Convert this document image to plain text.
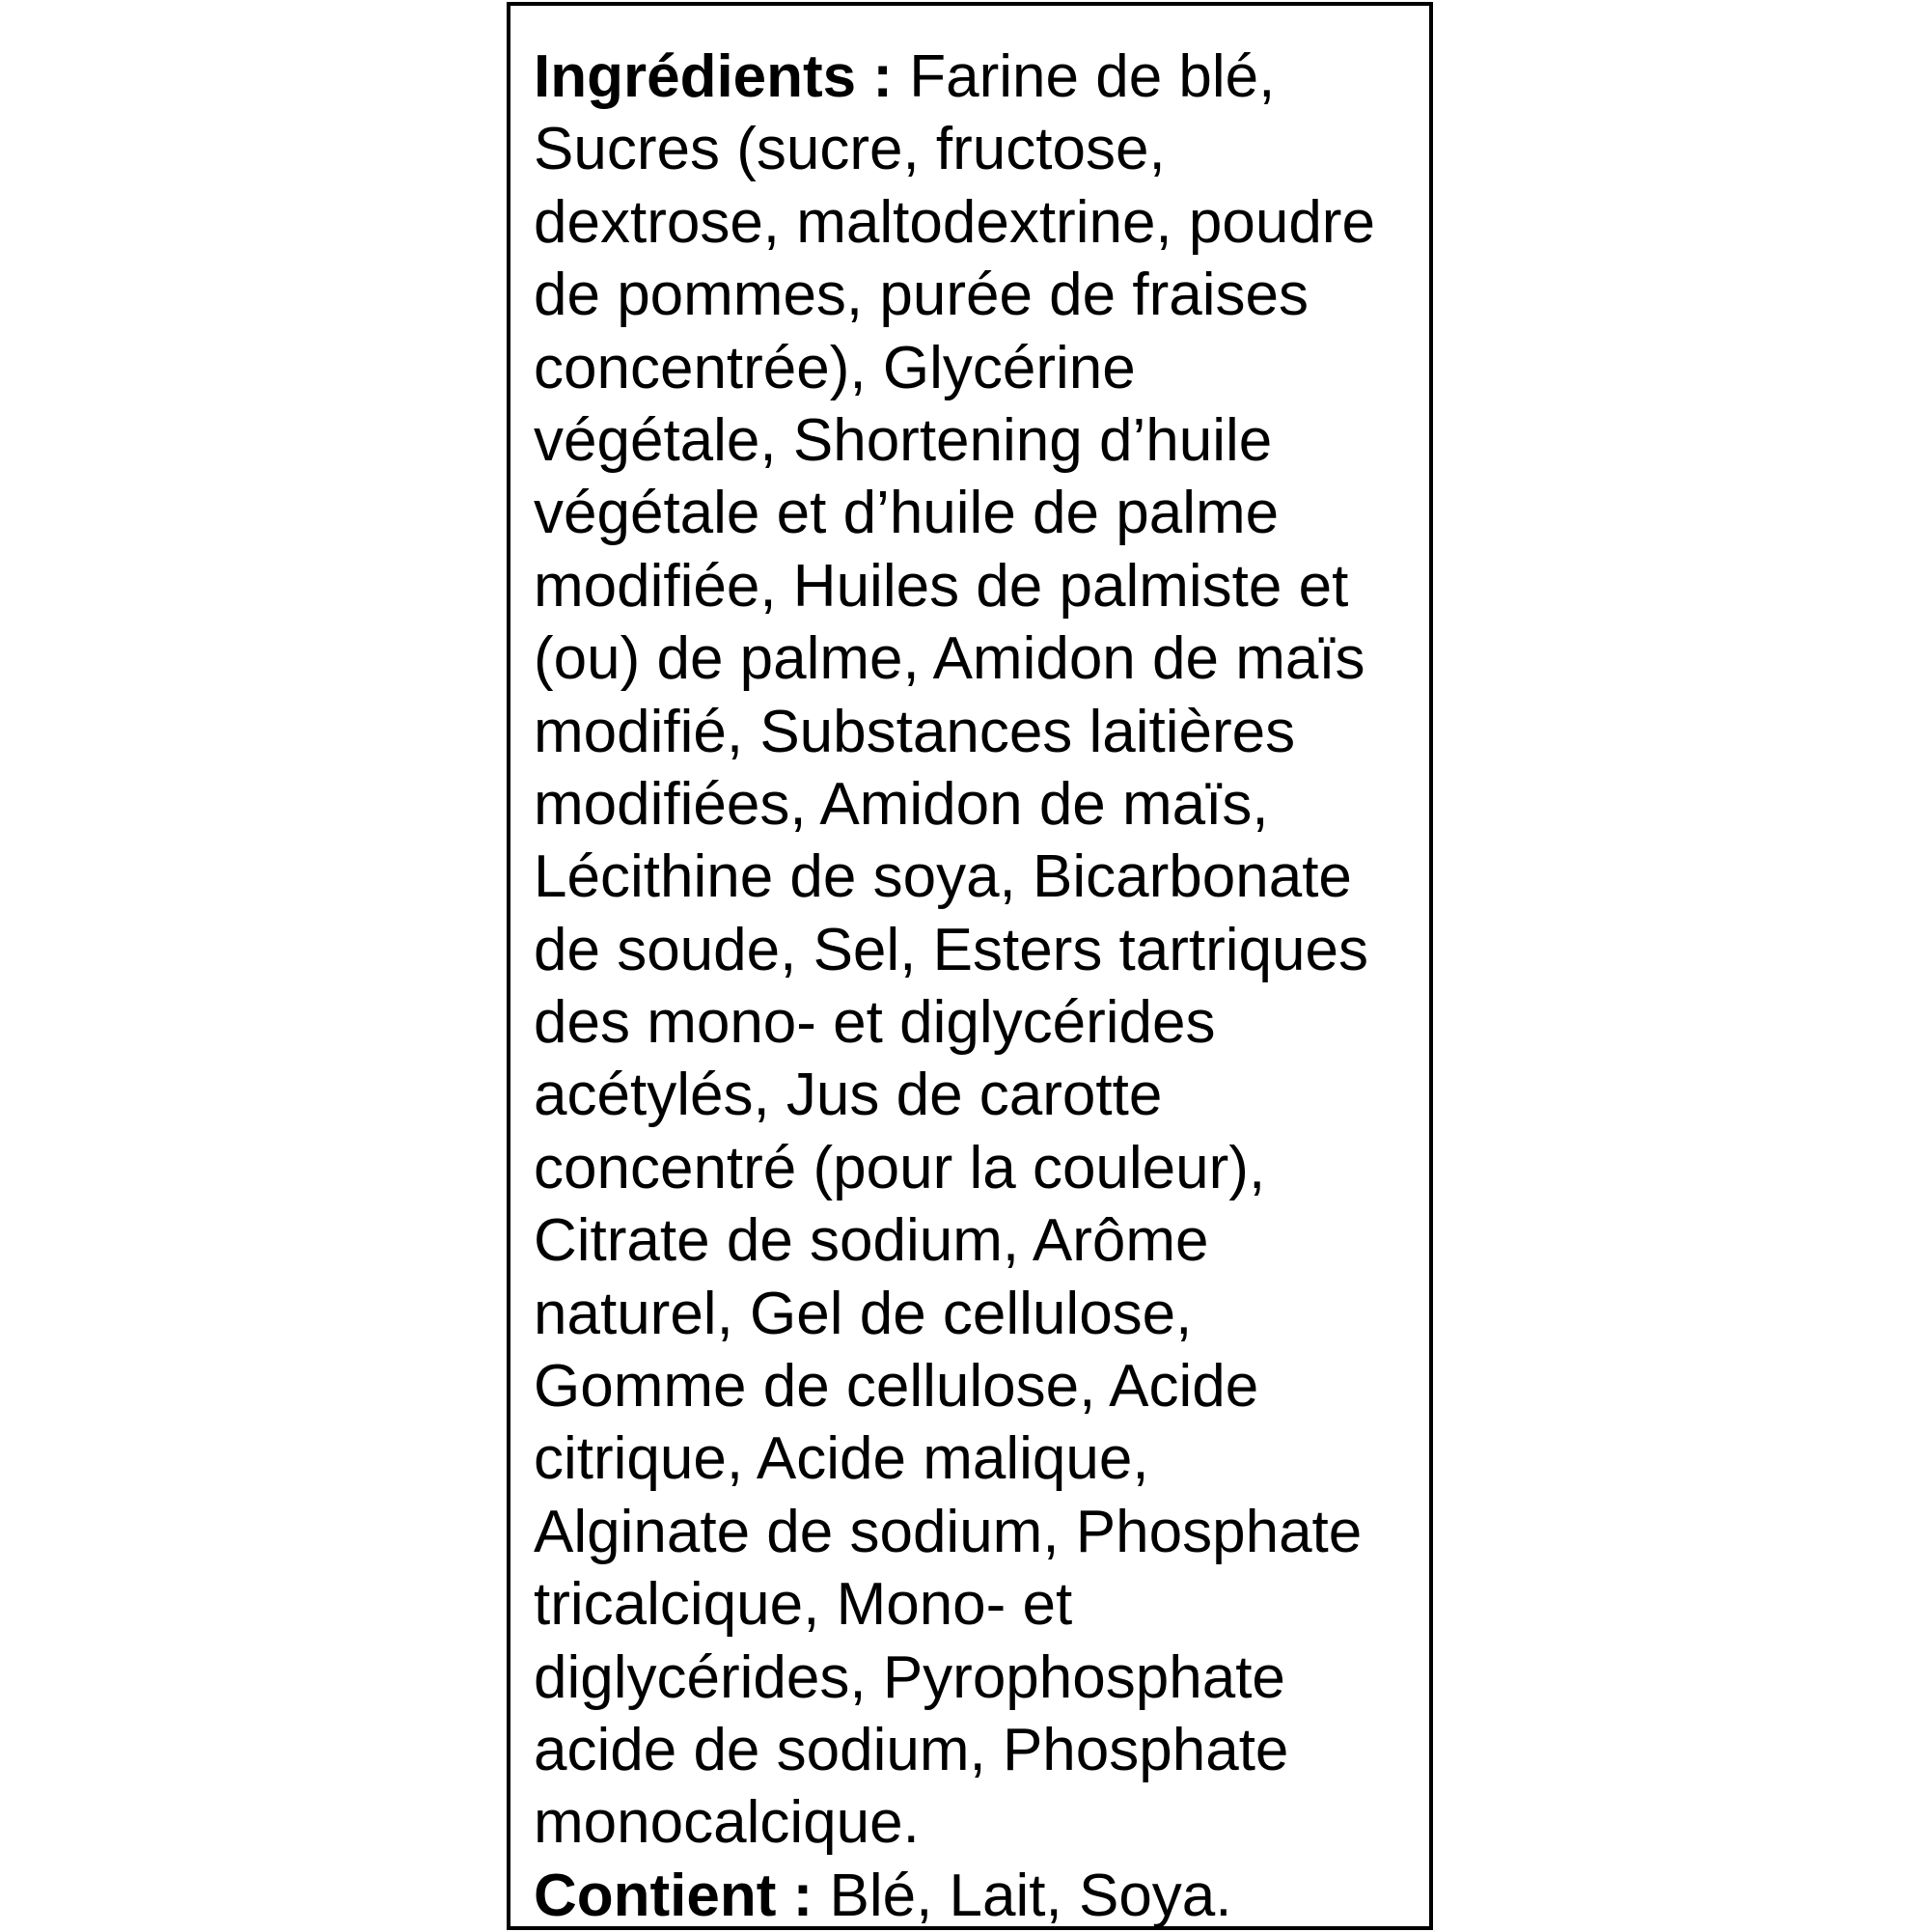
Ingrédients : Farine de blé,
Sucres (sucre, fructose,
dextrose, maltodextrine, poudre
de pommes, purée de fraises
concentrée), Glycérine
végétale, Shortening d’huile
végétale et d’huile de palme
modifiée, Huiles de palmiste et
(ou) de palme, Amidon de maïs
modifié, Substances laitières
modifiées, Amidon de maïs,
Lécithine de soya, Bicarbonate
de soude, Sel, Esters tartriques
des mono- et diglycérides
acétylés, Jus de carotte
concentré (pour la couleur),
Citrate de sodium, Arôme
naturel, Gel de cellulose,
Gomme de cellulose, Acide
citrique, Acide malique,
Alginate de sodium, Phosphate
tricalcique, Mono- et
diglycérides, Pyrophosphate
acide de sodium, Phosphate
monocalcique.
Contient : Blé, Lait, Soya.
